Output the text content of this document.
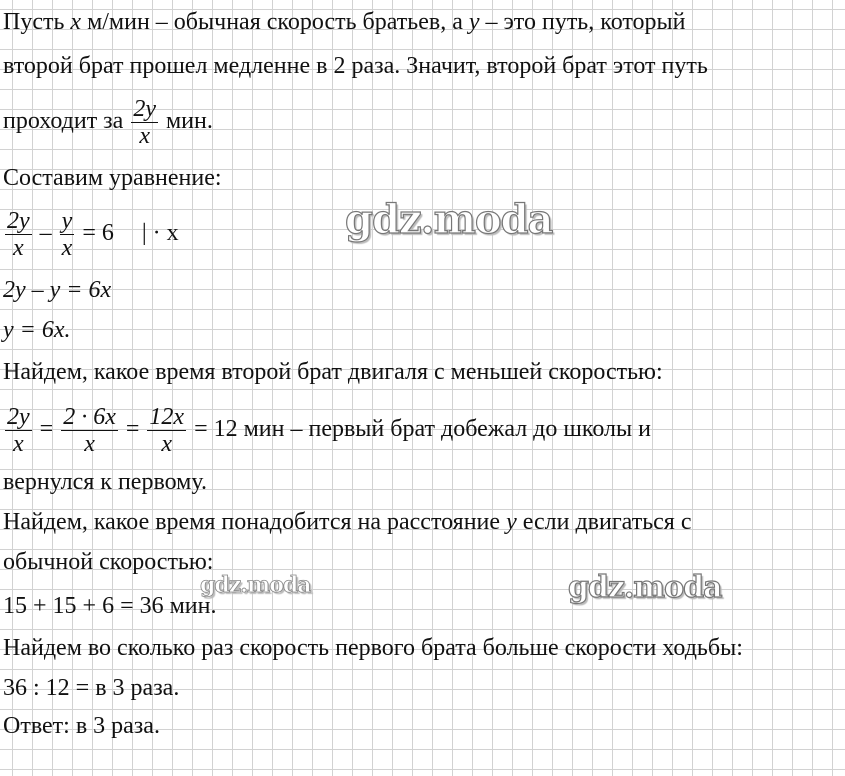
Пусть x м/мин – обычная скорость братьев, а y – это путь, который
второй брат прошел медленне в 2 раза. Значит, второй брат этот путь
проходит за $\frac{2y}{x}$ мин.
Составим уравнение:
$\frac{2y}{x} - \frac{y}{x} = 6$ | · x
2y – y = 6x
y = 6x.
Найдем, какое время второй брат двигаля с меньшей скоростью:
$\frac{2y}{x} = \frac{2 \cdot 6x}{x} = \frac{12x}{x} = 12$ мин – первый брат добежал до школы и
вернулся к первому.
Найдем, какое время понадобится на расстояние y если двигаться с
обычной скоростью:
15 + 15 + 6 = 36 мин.
Найдем во сколько раз скорость первого брата больше скорости ходьбы:
36 : 12 = в 3 раза.
Ответ: в 3 раза.
gdz.moda
gdz.moda	gdz.moda
